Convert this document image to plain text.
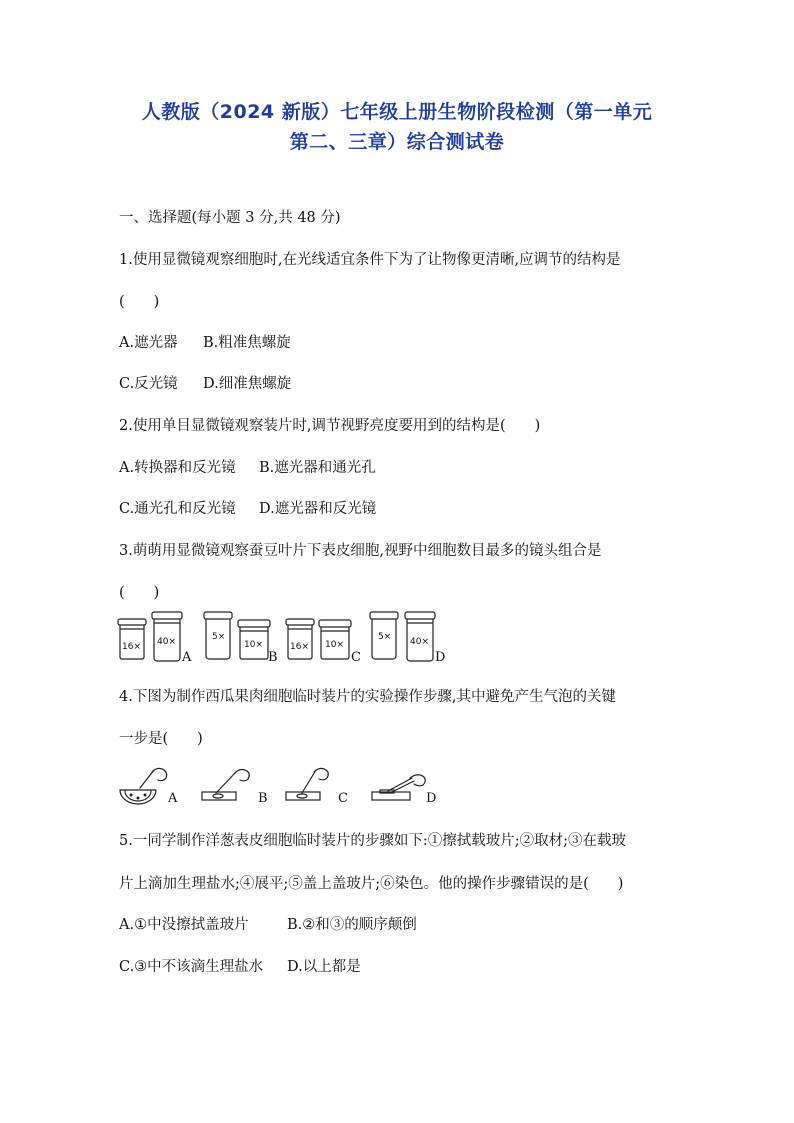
人教版（2024 新版）七年级上册生物阶段检测（第一单元
第二、三章）综合测试卷
一、选择题(每小题 3 分,共 48 分)
1.使用显微镜观察细胞时,在光线适宜条件下为了让物像更清晰,应调节的结构是
(　　)
A.遮光器 B.粗准焦螺旋
C.反光镜 D.细准焦螺旋
2.使用单目显微镜观察装片时,调节视野亮度要用到的结构是(　　)
A.转换器和反光镜 B.遮光器和通光孔
C.通光孔和反光镜 D.遮光器和反光镜
3.萌萌用显微镜观察蚕豆叶片下表皮细胞,视野中细胞数目最多的镜头组合是
(　　)
16× 40×	5×
10×	16× 10×
5× 40×
A	B	C	D
4.下图为制作西瓜果肉细胞临时装片的实验操作步骤,其中避免产生气泡的关键
一步是(　　)
A	B	C	D
5.一同学制作洋葱表皮细胞临时装片的步骤如下:①擦拭载玻片;②取材;③在载玻
片上滴加生理盐水;④展平;⑤盖上盖玻片;⑥染色。他的操作步骤错误的是(　　)
A.①中没擦拭盖玻片	B.②和③的顺序颠倒
C.③中不该滴生理盐水 D.以上都是
